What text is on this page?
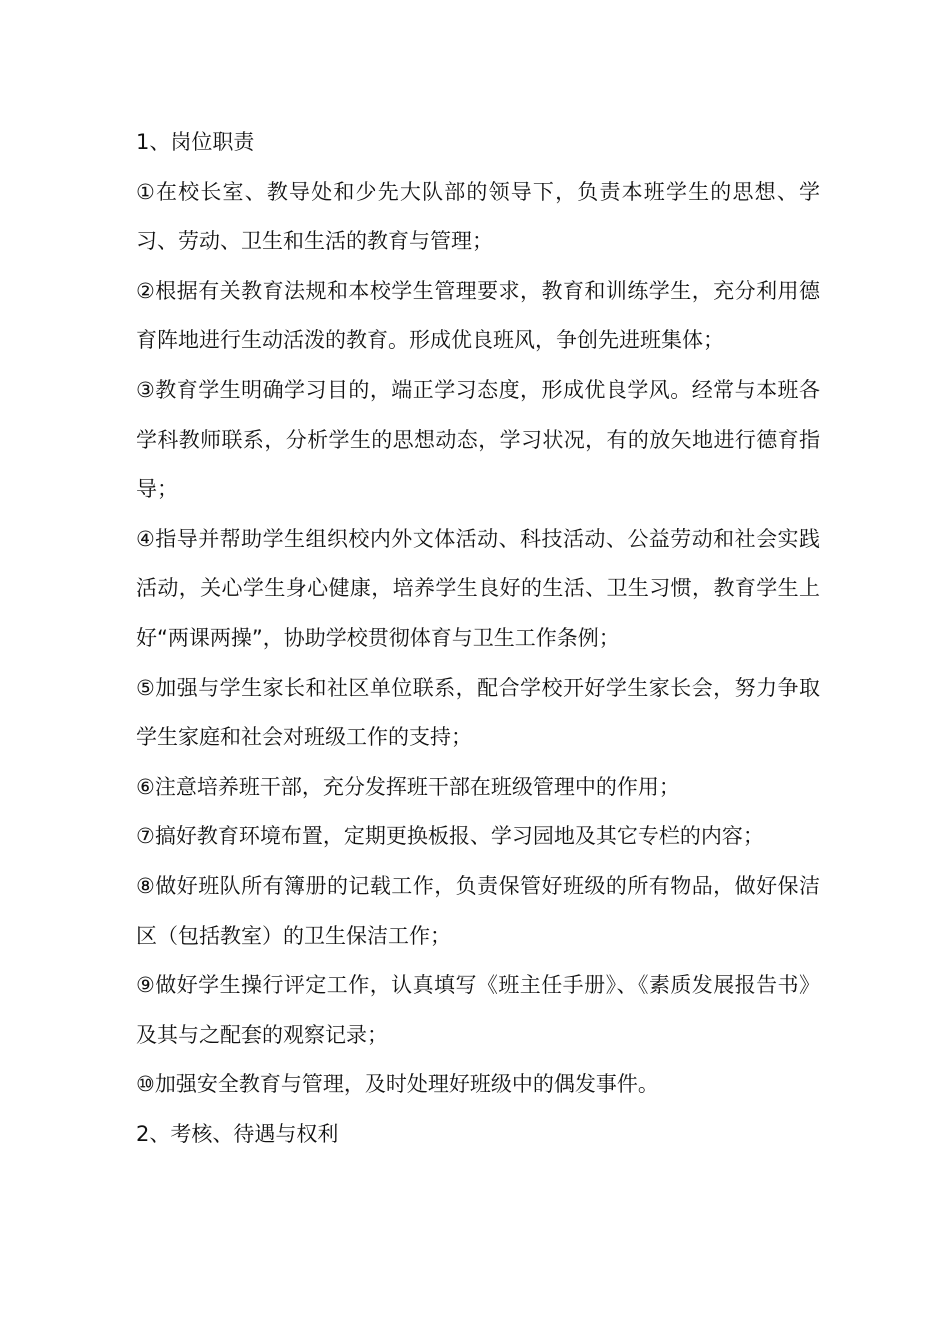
1、岗位职责

①在校长室、教导处和少先大队部的领导下，负责本班学生的思想、学习、劳动、卫生和生活的教育与管理；

②根据有关教育法规和本校学生管理要求，教育和训练学生，充分利用德育阵地进行生动活泼的教育。形成优良班风，争创先进班集体；

③教育学生明确学习目的，端正学习态度，形成优良学风。经常与本班各学科教师联系，分析学生的思想动态，学习状况，有的放矢地进行德育指导；

④指导并帮助学生组织校内外文体活动、科技活动、公益劳动和社会实践活动，关心学生身心健康，培养学生良好的生活、卫生习惯，教育学生上好“两课两操”，协助学校贯彻体育与卫生工作条例；

⑤加强与学生家长和社区单位联系，配合学校开好学生家长会，努力争取学生家庭和社会对班级工作的支持；

⑥注意培养班干部，充分发挥班干部在班级管理中的作用；

⑦搞好教育环境布置，定期更换板报、学习园地及其它专栏的内容；

⑧做好班队所有簿册的记载工作，负责保管好班级的所有物品，做好保洁区（包括教室）的卫生保洁工作；

⑨做好学生操行评定工作，认真填写《班主任手册》、《素质发展报告书》及其与之配套的观察记录；

⑩加强安全教育与管理，及时处理好班级中的偶发事件。

2、考核、待遇与权利
